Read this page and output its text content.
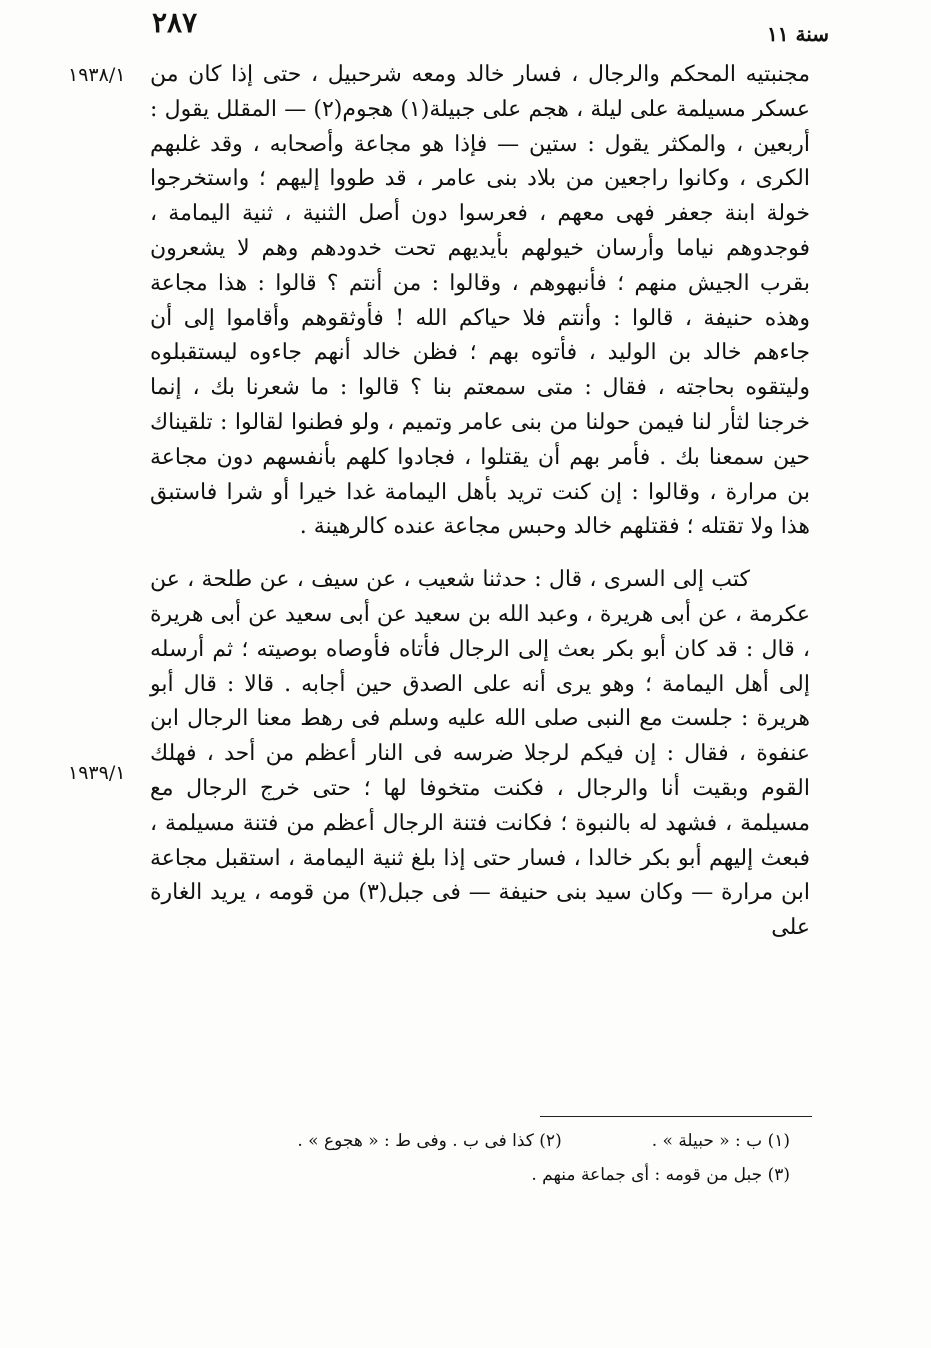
٢٨٧	سنة ١١
١٩٣٨/١
١٩٣٩/١

مجنبتيه المحكم والرجال ، فسار خالد ومعه شرحبيل ، حتى إذا كان من عسكر مسيلمة على ليلة ، هجم على جبيلة(١) هجوم(٢) — المقلل يقول : أربعين ، والمكثر يقول : ستين — فإذا هو مجاعة وأصحابه ، وقد غلبهم الكرى ، وكانوا راجعين من بلاد بنى عامر ، قد طووا إليهم ؛ واستخرجوا خولة ابنة جعفر فهى معهم ، فعرسوا دون أصل الثنية ، ثنية اليمامة ، فوجدوهم نياما وأرسان خيولهم بأيديهم تحت خدودهم وهم لا يشعرون بقرب الجيش منهم ؛ فأنبهوهم ، وقالوا : من أنتم ؟ قالوا : هذا مجاعة وهذه حنيفة ، قالوا : وأنتم فلا حياكم الله ! فأوثقوهم وأقاموا إلى أن جاءهم خالد بن الوليد ، فأتوه بهم ؛ فظن خالد أنهم جاءوه ليستقبلوه وليتقوه بحاجته ، فقال : متى سمعتم بنا ؟ قالوا : ما شعرنا بك ، إنما خرجنا لثأر لنا فيمن حولنا من بنى عامر وتميم ، ولو فطنوا لقالوا : تلقيناك حين سمعنا بك . فأمر بهم أن يقتلوا ، فجادوا كلهم بأنفسهم دون مجاعة بن مرارة ، وقالوا : إن كنت تريد بأهل اليمامة غدا خيرا أو شرا فاستبق هذا ولا تقتله ؛ فقتلهم خالد وحبس مجاعة عنده كالرهينة .

كتب إلى السرى ، قال : حدثنا شعيب ، عن سيف ، عن طلحة ، عن عكرمة ، عن أبى هريرة ، وعبد الله بن سعيد عن أبى سعيد عن أبى هريرة ، قال : قد كان أبو بكر بعث إلى الرجال فأتاه فأوصاه بوصيته ؛ ثم أرسله إلى أهل اليمامة ؛ وهو يرى أنه على الصدق حين أجابه . قالا : قال أبو هريرة : جلست مع النبى صلى الله عليه وسلم فى رهط معنا الرجال ابن عنفوة ، فقال : إن فيكم لرجلا ضرسه فى النار أعظم من أحد ، فهلك القوم وبقيت أنا والرجال ، فكنت متخوفا لها ؛ حتى خرج الرجال مع مسيلمة ، فشهد له بالنبوة ؛ فكانت فتنة الرجال أعظم من فتنة مسيلمة ، فبعث إليهم أبو بكر خالدا ، فسار حتى إذا بلغ ثنية اليمامة ، استقبل مجاعة ابن مرارة — وكان سيد بنى حنيفة — فى جبل(٣) من قومه ، يريد الغارة على

(١) ب : « حبيلة » .
(٢) كذا فى ب . وفى ط : « هجوع » .
(٣) جبل من قومه : أى جماعة منهم .
